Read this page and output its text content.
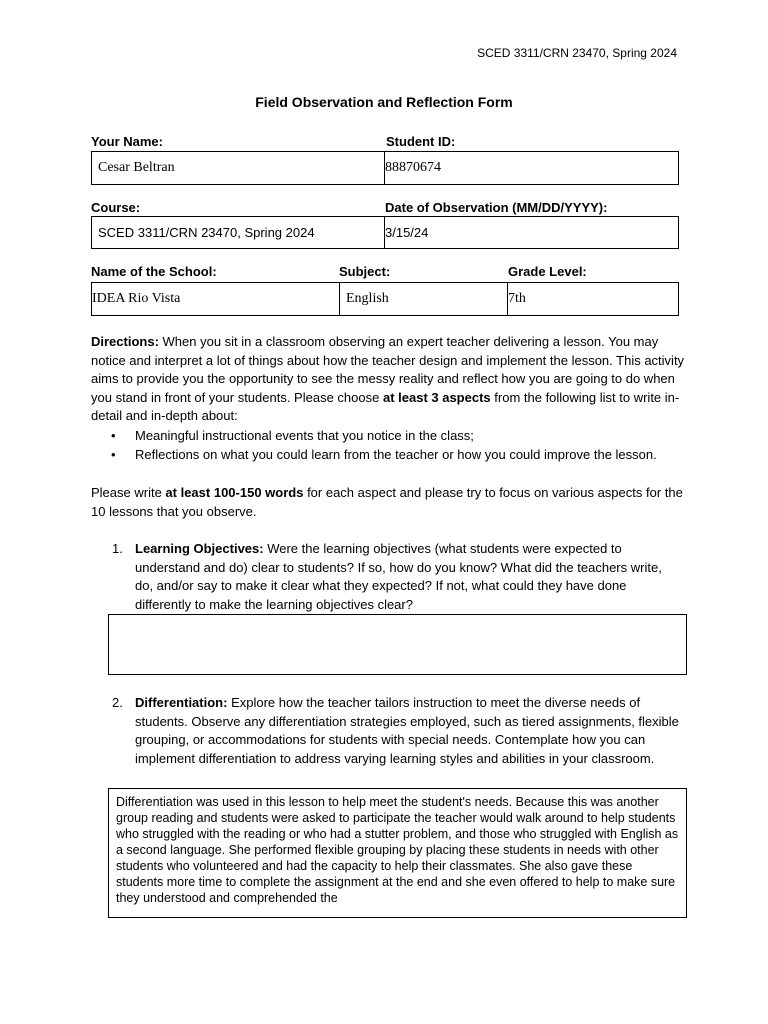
SCED 3311/CRN 23470, Spring 2024
Field Observation and Reflection Form
Your Name:	Student ID:
Cesar Beltran	88870674
Course:	Date of Observation (MM/DD/YYYY):
SCED 3311/CRN 23470, Spring 2024	3/15/24
Name of the School:	Subject:	Grade Level:
IDEA Rio Vista	English	7th
Directions: When you sit in a classroom observing an expert teacher delivering a lesson. You may notice and interpret a lot of things about how the teacher design and implement the lesson. This activity aims to provide you the opportunity to see the messy reality and reflect how you are going to do when you stand in front of your students. Please choose at least 3 aspects from the following list to write in-detail and in-depth about:
• Meaningful instructional events that you notice in the class;
• Reflections on what you could learn from the teacher or how you could improve the lesson.
Please write at least 100-150 words for each aspect and please try to focus on various aspects for the 10 lessons that you observe.
1. Learning Objectives: Were the learning objectives (what students were expected to understand and do) clear to students? If so, how do you know? What did the teachers write, do, and/or say to make it clear what they expected? If not, what could they have done differently to make the learning objectives clear?
2. Differentiation: Explore how the teacher tailors instruction to meet the diverse needs of students. Observe any differentiation strategies employed, such as tiered assignments, flexible grouping, or accommodations for students with special needs. Contemplate how you can implement differentiation to address varying learning styles and abilities in your classroom.
Differentiation was used in this lesson to help meet the student's needs. Because this was another group reading and students were asked to participate the teacher would walk around to help students who struggled with the reading or who had a stutter problem, and those who struggled with English as a second language. She performed flexible grouping by placing these students in needs with other students who volunteered and had the capacity to help their classmates. She also gave these students more time to complete the assignment at the end and she even offered to help to make sure they understood and comprehended the
